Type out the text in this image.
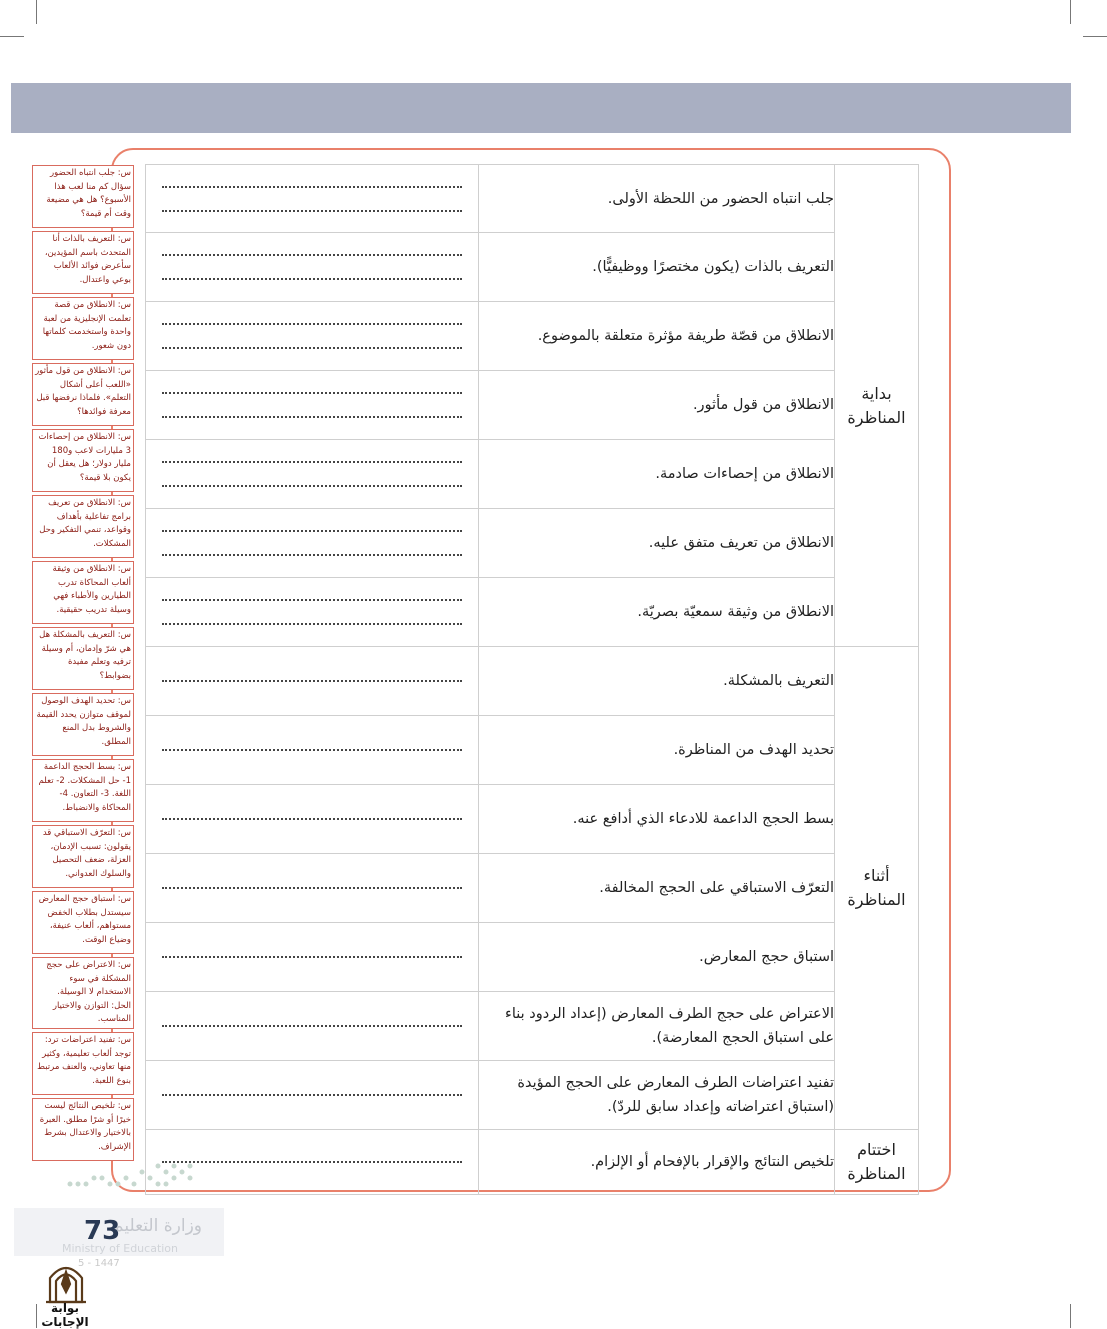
بداية المناظرة	جلب انتباه الحضور من اللحظة الأولى.	

	التعريف بالذات (يكون مختصرًا ووظيفيًّا).	

	الانطلاق من قصّة طريفة مؤثرة متعلقة بالموضوع.	

	الانطلاق من قول مأثور.	

	الانطلاق من إحصاءات صادمة.	

	الانطلاق من تعريف متفق عليه.	

	الانطلاق من وثيقة سمعيّة بصريّة.	

أثناء المناظرة	التعريف بالمشكلة.	

	تحديد الهدف من المناظرة.	

	بسط الحجج الداعمة للادعاء الذي أدافع عنه.	

	التعرّف الاستباقي على الحجج المخالفة.	

	استباق حجج المعارض.	

	الاعتراض على حجج الطرف المعارض (إعداد الردود بناء على استباق الحجج المعارضة).	

	تفنيد اعتراضات الطرف المعارض على الحجج المؤيدة (استباق اعتراضاته وإعداد سابق للردّ).	

اختتام المناظرة	تلخيص النتائج والإقرار بالإفحام أو الإلزام.	
س: جلب انتباه الحضور سؤال كم منا لعب هذا الأسبوع؟ هل هي مضيعة وقت أم قيمة؟
س: التعريف بالذات أنا المتحدث باسم المؤيدين، سأعرض فوائد الألعاب بوعي واعتدال.
س: الانطلاق من قصة تعلمت الإنجليزية من لعبة واحدة واستخدمت كلماتها دون شعور.
س: الانطلاق من قول مأثور «اللعب أعلى أشكال التعلم». فلماذا نرفضها قبل معرفة فوائدها؟
س: الانطلاق من إحصاءات 3 مليارات لاعب و180 مليار دولار؛ هل يعقل أن يكون بلا قيمة؟
س: الانطلاق من تعريف برامج تفاعلية بأهداف وقواعد، تنمي التفكير وحل المشكلات.
س: الانطلاق من وثيقة ألعاب المحاكاة تدرب الطيارين والأطباء فهي وسيلة تدريب حقيقية.
س: التعريف بالمشكلة هل هي شرّ وإدمان، أم وسيلة ترفيه وتعلم مفيدة بضوابط؟
س: تحديد الهدف الوصول لموقف متوازن يحدد القيمة والشروط بدل المنع المطلق.
س: بسط الحجج الداعمة 1- حل المشكلات. 2- تعلم اللغة. 3- التعاون. 4- المحاكاة والانضباط.
س: التعرّف الاستباقي قد يقولون: تسبب الإدمان، العزلة، ضعف التحصيل والسلوك العدواني.
س: استباق حجج المعارض سيستدل بطلاب الخفض مستواهم، ألعاب عنيفة، وضياع الوقت.
س: الاعتراض على حجج المشكلة في سوء الاستخدام لا الوسيلة. الحل: التوازن والاختيار المناسب.
س: تفنيد اعتراضات ترد: توجد ألعاب تعليمية، وكثير منها تعاوني، والعنف مرتبط بنوع اللعبة.
س: تلخيص النتائج ليست خيرًا أو شرًا مطلق. العبرة بالاختيار والاعتدال بشرط الإشراف.
وزارة التعليم
73
Ministry of Education
5 - 1447
بوابة الإجابات
